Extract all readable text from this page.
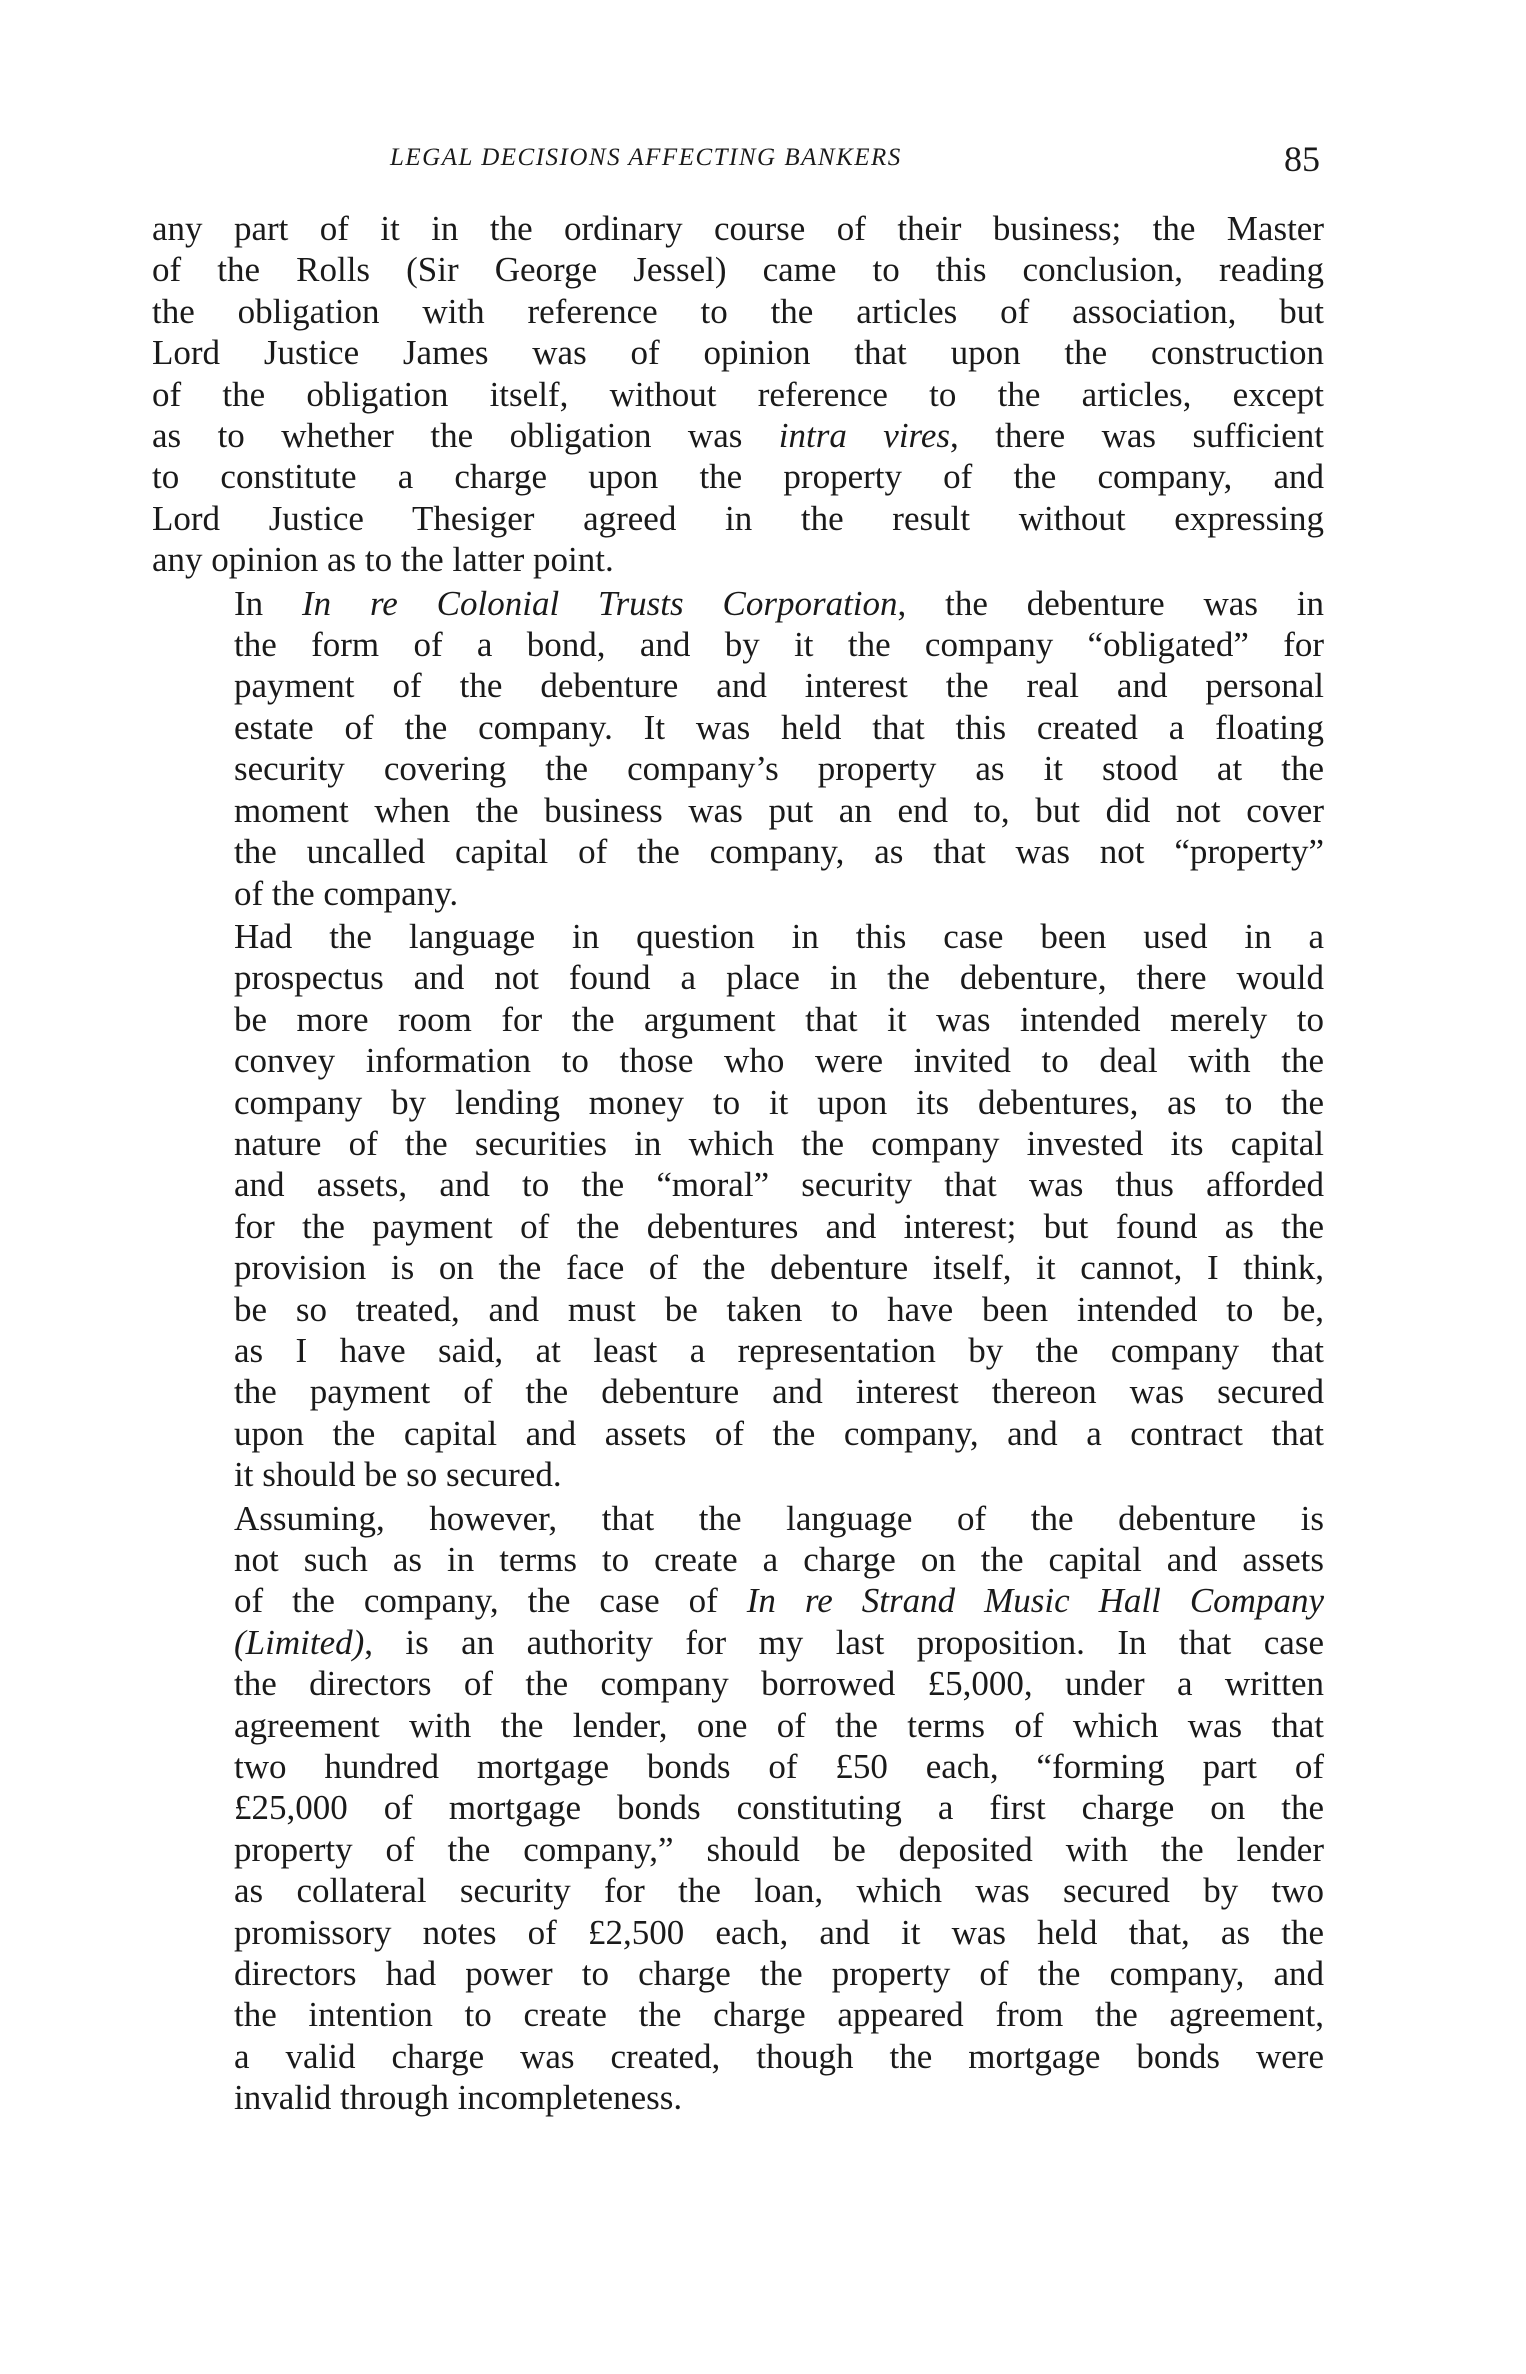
LEGAL DECISIONS AFFECTING BANKERS	85

any part of it in the ordinary course of their business; the Master
of the Rolls (Sir George Jessel) came to this conclusion, reading
the obligation with reference to the articles of association, but
Lord Justice James was of opinion that upon the construction
of the obligation itself, without reference to the articles, except
as to whether the obligation was intra vires, there was sufficient
to constitute a charge upon the property of the company, and
Lord Justice Thesiger agreed in the result without expressing
any opinion as to the latter point.

In In re Colonial Trusts Corporation, the debenture was in
the form of a bond, and by it the company “obligated” for
payment of the debenture and interest the real and personal
estate of the company. It was held that this created a floating
security covering the company’s property as it stood at the
moment when the business was put an end to, but did not cover
the uncalled capital of the company, as that was not “property”
of the company.

Had the language in question in this case been used in a
prospectus and not found a place in the debenture, there would
be more room for the argument that it was intended merely to
convey information to those who were invited to deal with the
company by lending money to it upon its debentures, as to the
nature of the securities in which the company invested its capital
and assets, and to the “moral” security that was thus afforded
for the payment of the debentures and interest; but found as the
provision is on the face of the debenture itself, it cannot, I think,
be so treated, and must be taken to have been intended to be,
as I have said, at least a representation by the company that
the payment of the debenture and interest thereon was secured
upon the capital and assets of the company, and a contract that
it should be so secured.

Assuming, however, that the language of the debenture is
not such as in terms to create a charge on the capital and assets
of the company, the case of In re Strand Music Hall Company
(Limited), is an authority for my last proposition. In that case
the directors of the company borrowed £5,000, under a written
agreement with the lender, one of the terms of which was that
two hundred mortgage bonds of £50 each, “forming part of
£25,000 of mortgage bonds constituting a first charge on the
property of the company,” should be deposited with the lender
as collateral security for the loan, which was secured by two
promissory notes of £2,500 each, and it was held that, as the
directors had power to charge the property of the company, and
the intention to create the charge appeared from the agreement,
a valid charge was created, though the mortgage bonds were
invalid through incompleteness.
